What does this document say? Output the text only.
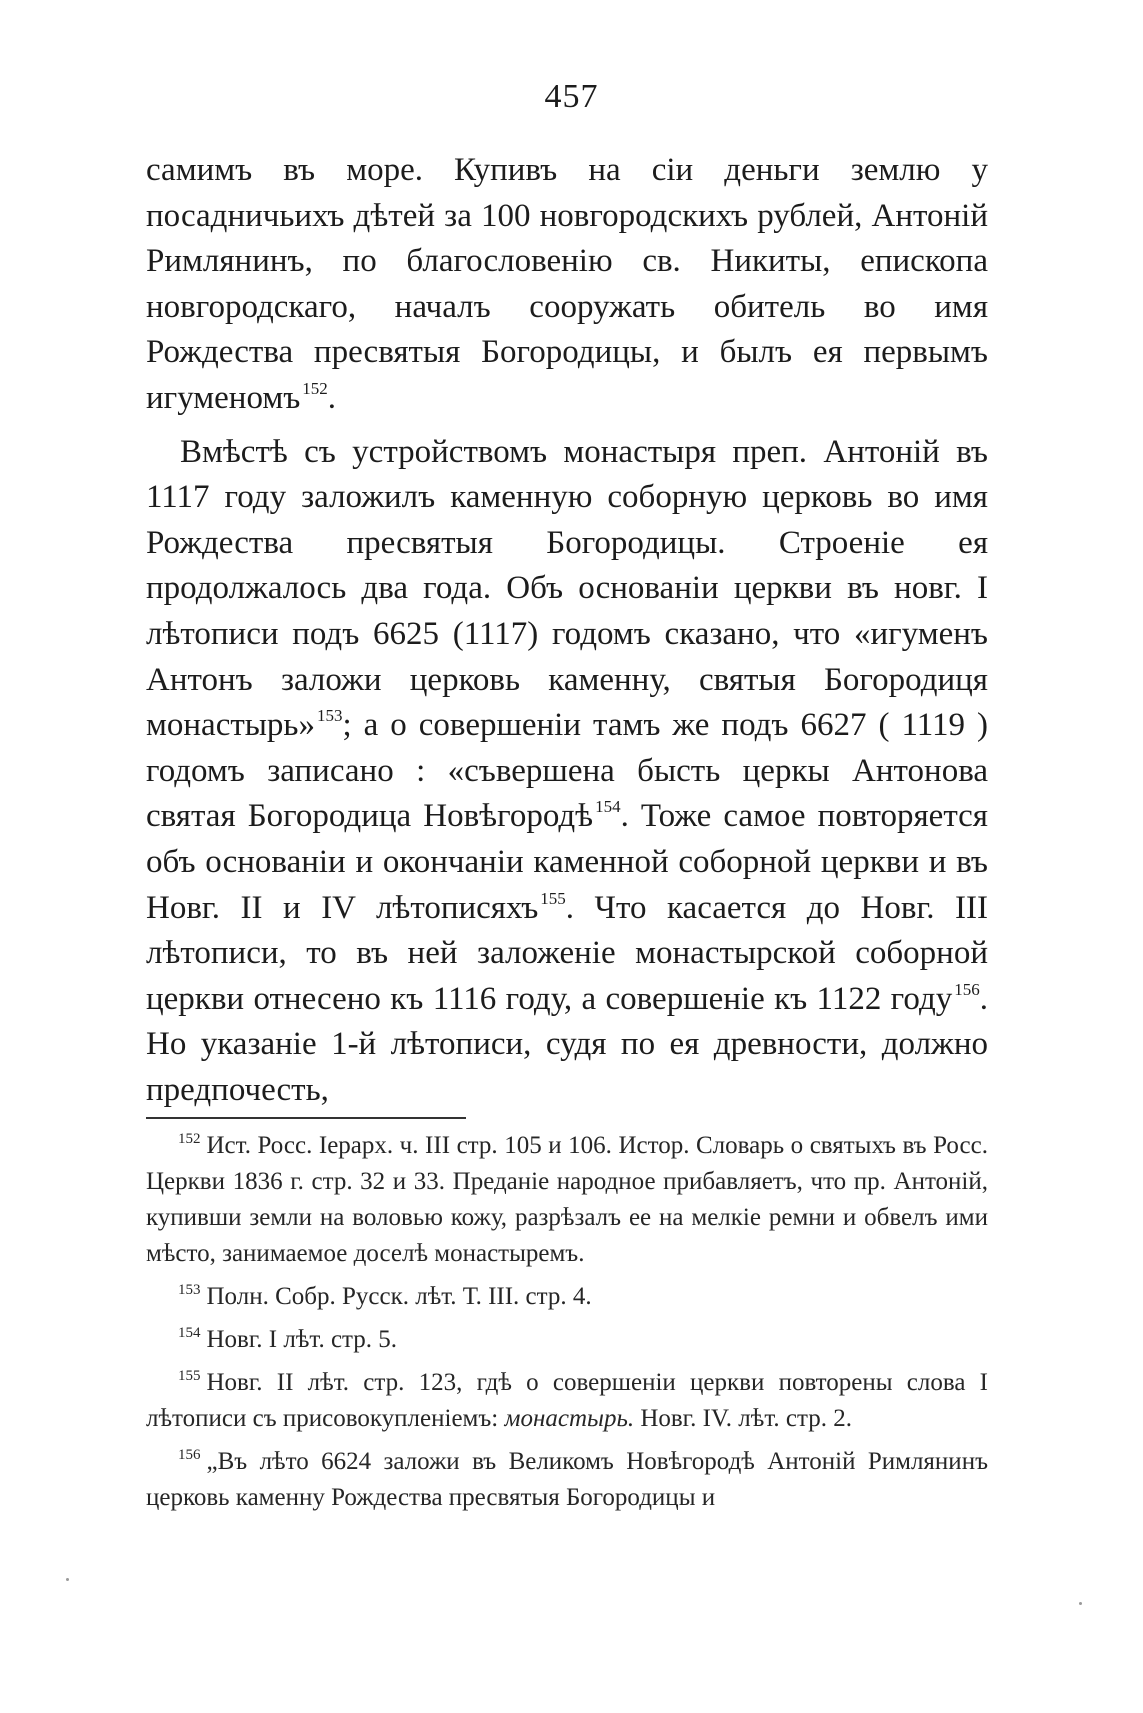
457

самимъ въ море. Купивъ на сіи деньги землю у посадничьихъ дѣтей за 100 новгородскихъ рублей, Антоній Римлянинъ, по благословенію св. Никиты, епископа новгородскаго, началъ сооружать обитель во имя Рождества пресвятыя Богородицы, и былъ ея первымъ игуменомъ $^{152}$.

Вмѣстѣ съ устройствомъ монастыря преп. Антоній въ 1117 году заложилъ каменную соборную церковь во имя Рождества пресвятыя Богородицы. Строеніе ея продолжалось два года. Объ основаніи церкви въ новг. I лѣтописи подъ 6625 (1117) годомъ сказано, что «игуменъ Антонъ заложи церковь каменну, святыя Богородиця монастырь» $^{153}$; а о совершеніи тамъ же подъ 6627 ( 1119 ) годомъ записано : «съвершена бысть церкы Антонова святая Богородица Новѣгородѣ $^{154}$. Тоже самое повторяется объ основаніи и окончаніи каменной соборной церкви и въ Новг. II и IV лѣтописяхъ $^{155}$. Что касается до Новг. III лѣтописи, то въ ней заложеніе монастырской соборной церкви отнесено къ 1116 году, а совершеніе къ 1122 году $^{156}$. Но указаніе 1-й лѣтописи, судя по ея древности, должно предпочесть,

$^{152}$ Ист. Росс. Іерарх. ч. III стр. 105 и 106. Истор. Словарь о святыхъ въ Росс. Церкви 1836 г. стр. 32 и 33. Преданіе народное прибавляетъ, что пр. Антоній, купивши земли на воловью кожу, разрѣзалъ ее на мелкіе ремни и обвелъ ими мѣсто, занимаемое доселѣ монастыремъ.

$^{153}$ Полн. Собр. Русск. лѣт. Т. III. стр. 4.

$^{154}$ Новг. I лѣт. стр. 5.

$^{155}$ Новг. II лѣт. стр. 123, гдѣ о совершеніи церкви повторены слова I лѣтописи съ присовокупленіемъ: монастырь. Новг. IV. лѣт. стр. 2.

$^{156}$ „Въ лѣто 6624 заложи въ Великомъ Новѣгородѣ Антоній Римлянинъ церковь каменну Рождества пресвятыя Богородицы и
